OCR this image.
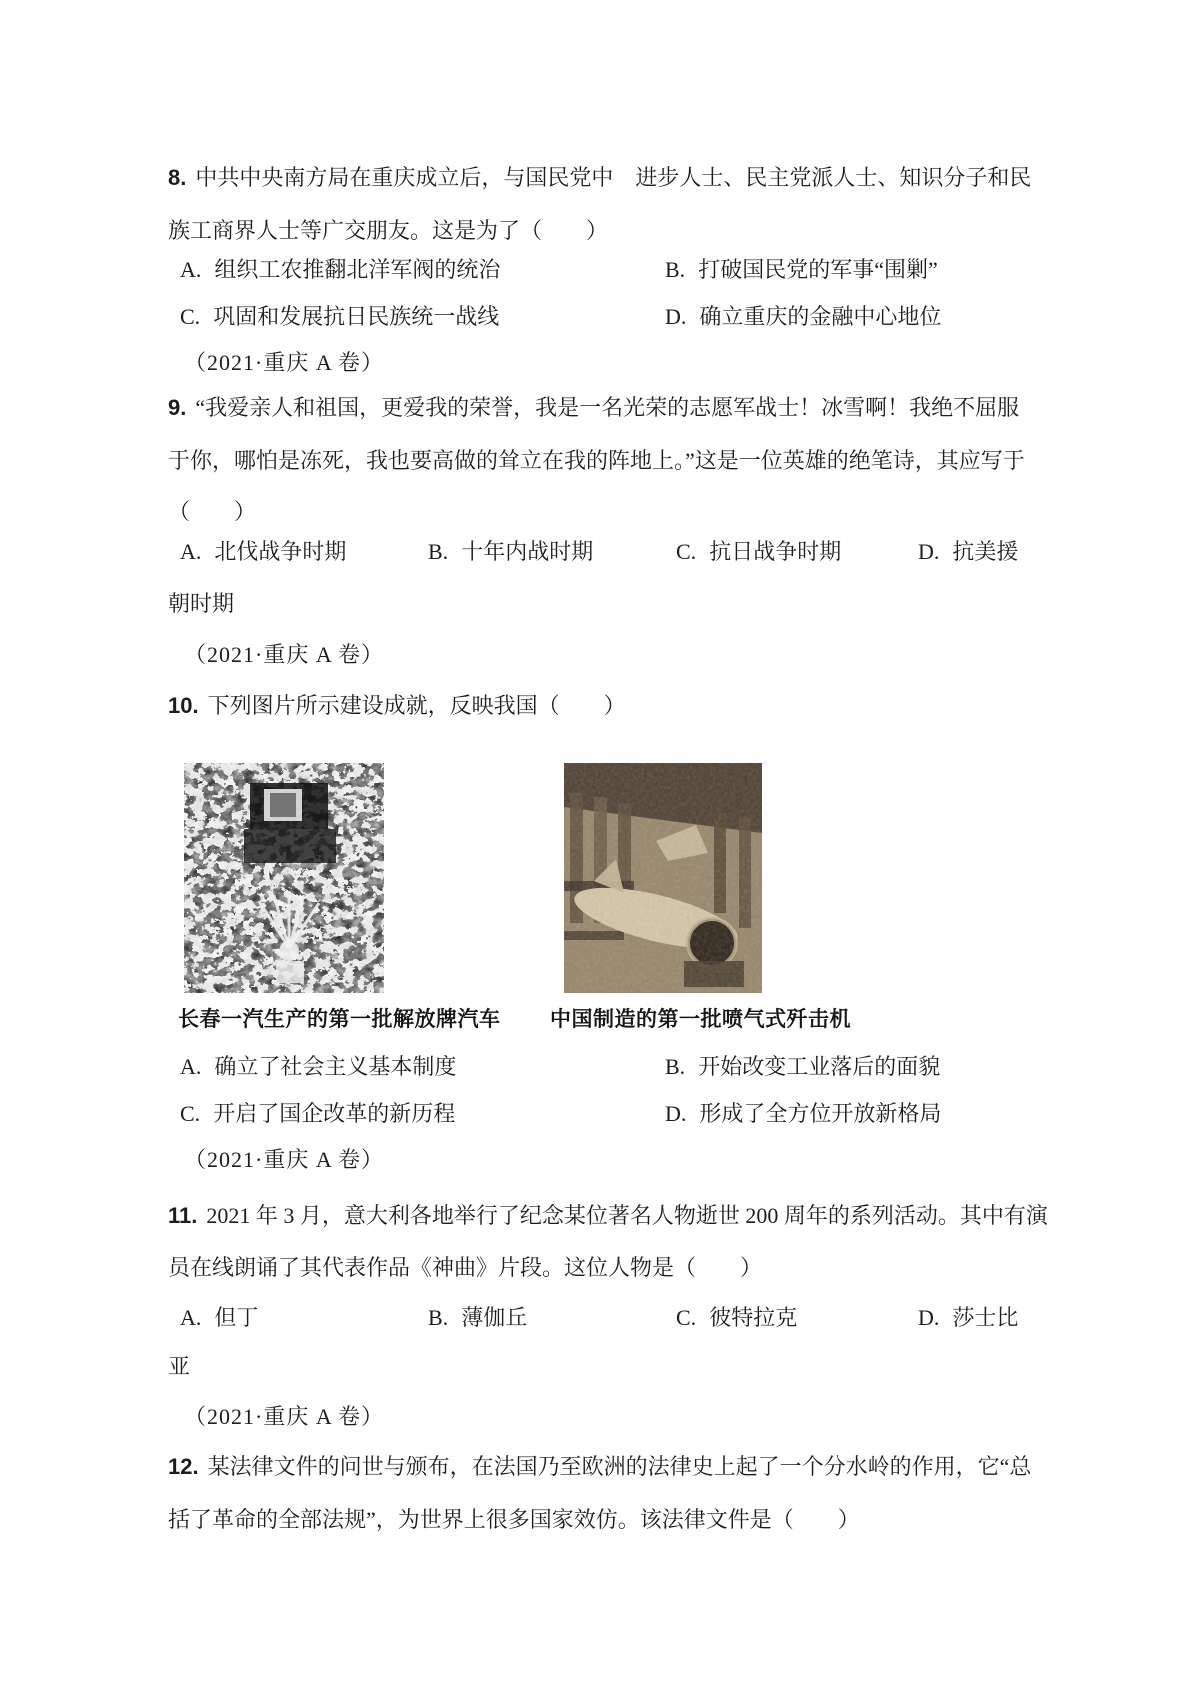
8. 中共中央南方局在重庆成立后，与国民党中　进步人士、民主党派人士、知识分子和民
族工商界人士等广交朋友。这是为了（　　）
A. 组织工农推翻北洋军阀的统治	B. 打破国民党的军事“围剿”
C. 巩固和发展抗日民族统一战线	D. 确立重庆的金融中心地位
（2021·重庆 A 卷）
9. “我爱亲人和祖国，更爱我的荣誉，我是一名光荣的志愿军战士！冰雪啊！我绝不屈服
于你，哪怕是冻死，我也要高做的耸立在我的阵地上。”这是一位英雄的绝笔诗，其应写于
（　　）
A. 北伐战争时期	B. 十年内战时期	C. 抗日战争时期	D. 抗美援
朝时期
（2021·重庆 A 卷）
10. 下列图片所示建设成就，反映我国（　　）
长春一汽生产的第一批解放牌汽车 中国制造的第一批喷气式歼击机
A. 确立了社会主义基本制度	B. 开始改变工业落后的面貌
C. 开启了国企改革的新历程	D. 形成了全方位开放新格局
（2021·重庆 A 卷）
11. 2021 年 3 月，意大利各地举行了纪念某位著名人物逝世 200 周年的系列活动。其中有演
员在线朗诵了其代表作品《神曲》片段。这位人物是（　　）
A. 但丁	B. 薄伽丘	C. 彼特拉克	D. 莎士比
亚
（2021·重庆 A 卷）
12. 某法律文件的问世与颁布，在法国乃至欧洲的法律史上起了一个分水岭的作用，它“总
括了革命的全部法规”，为世界上很多国家效仿。该法律文件是（　　）
